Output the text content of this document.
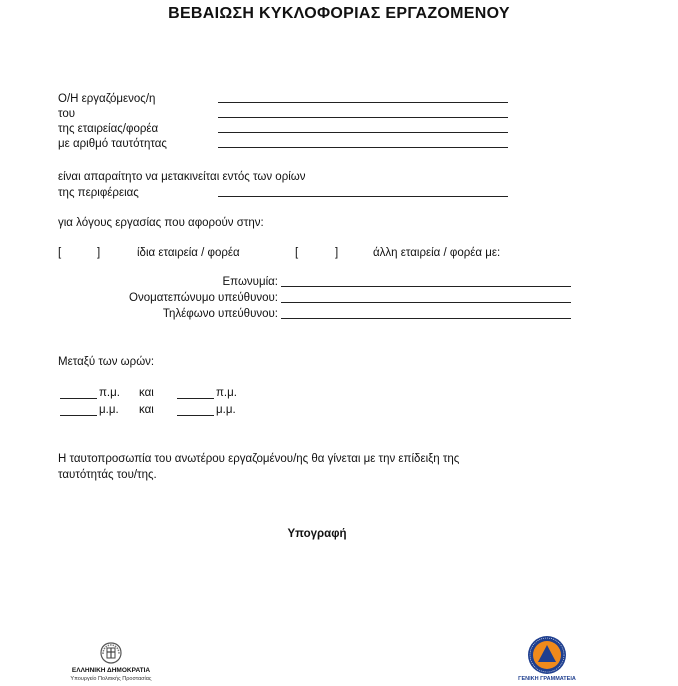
ΒΕΒΑΙΩΣΗ ΚΥΚΛΟΦΟΡΙΑΣ ΕΡΓΑΖΟΜΕΝΟΥ
Ο/Η εργαζόμενος/η
του
της εταιρείας/φορέα
με αριθμό ταυτότητας
είναι απαραίτητο να μετακινείται εντός των ορίων
της περιφέρειας
για λόγους εργασίας που αφορούν στην:
[	]	ίδια εταιρεία / φορέα	[	]	άλλη εταιρεία / φορέα με:
Επωνυμία:
Ονοματεπώνυμο υπεύθυνου:
Τηλέφωνο υπεύθυνου:
Μεταξύ των ωρών:
π.μ. και	π.μ.
μ.μ. και	μ.μ.
Η ταυτοπροσωπία του ανωτέρου εργαζομένου/ης θα γίνεται με την επίδειξη της
ταυτότητάς του/της.
Υπογραφή
ΕΛΛΗΝΙΚΗ ΔΗΜΟΚΡΑΤΙΑ
Υπουργείο Πολιτικής Προστασίας	ΓΕΝΙΚΗ ΓΡΑΜΜΑΤΕΙΑ
